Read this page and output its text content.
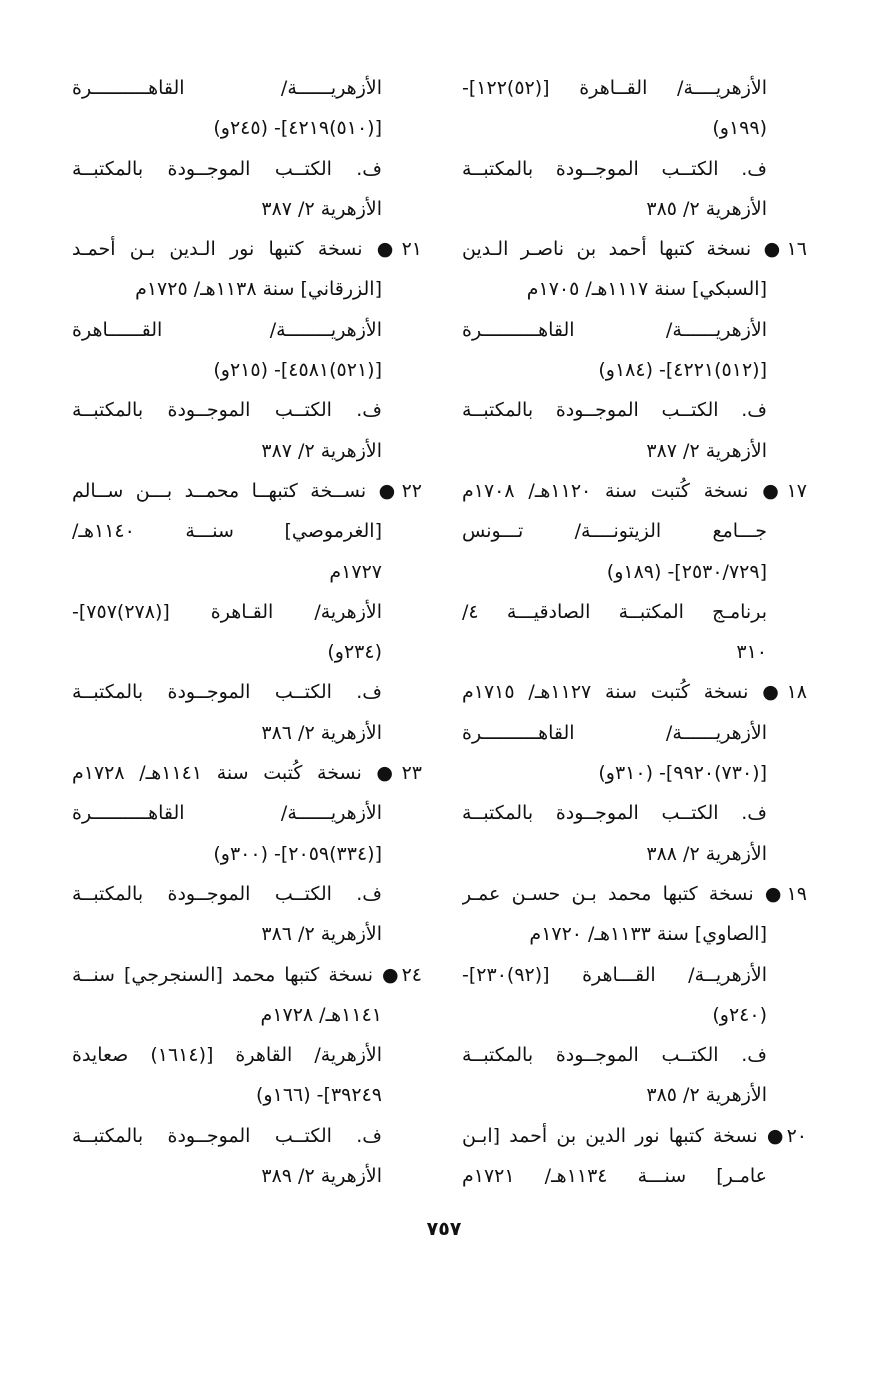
الأزهريــــة/ القــاهرة [(٥٢)١٢٢]-
(١٩٩و)
ف. الكتــب الموجــودة بالمكتبــة
الأزهرية ٢/ ٣٨٥
١٦● نسخة كتبها أحمد بن ناصـر الـدين
[السبكي] سنة ١١١٧هـ/ ١٧٠٥م
الأزهريــــــة/ القاهــــــــــرة
[(٥١٢)٤٢٢١]- (١٨٤و)
ف. الكتــب الموجــودة بالمكتبــة
الأزهرية ٢/ ٣٨٧
١٧● نسخة كُتبت سنة ١١٢٠هـ/ ١٧٠٨م
جـــامع الزيتونــــة/ تـــونس
[٢٥٣٠/٧٢٩]- (١٨٩و)
برنامـج المكتبــة الصادقيـــة ٤/
٣١٠
١٨● نسخة كُتبت سنة ١١٢٧هـ/ ١٧١٥م
الأزهريــــــة/ القاهــــــــــرة
[(٧٣٠)٩٩٢٠]- (٣١٠و)
ف. الكتــب الموجــودة بالمكتبــة
الأزهرية ٢/ ٣٨٨
١٩● نسخة كتبها محمد بـن حسـن عمـر
[الصاوي] سنة ١١٣٣هـ/ ١٧٢٠م
الأزهريــة/ القـــاهرة [(٩٢)٢٣٠]-
(٢٤٠و)
ف. الكتــب الموجــودة بالمكتبــة
الأزهرية ٢/ ٣٨٥
٢٠● نسخة كتبها نور الدين بن أحمد [ابـن
عامـر] سنـــة ١١٣٤هـ/ ١٧٢١م
الأزهريــــــة/ القاهــــــــــرة
[(٥١٠)٤٢١٩]- (٢٤٥و)
ف. الكتــب الموجــودة بالمكتبــة
الأزهرية ٢/ ٣٨٧
٢١● نسخة كتبها نور الـدين بـن أحمـد
[الزرقاني] سنة ١١٣٨هـ/ ١٧٢٥م
الأزهريــــــــة/ القــــــاهرة
[(٥٢١)٤٥٨١]- (٢١٥و)
ف. الكتــب الموجــودة بالمكتبــة
الأزهرية ٢/ ٣٨٧
٢٢● نســخة كتبهــا محمــد بـــن ســالم
[الغرموصي] سنـــة ١١٤٠هـ/
١٧٢٧م
الأزهرية/ القـاهرة [(٢٧٨)٧٥٧]-
(٢٣٤و)
ف. الكتــب الموجــودة بالمكتبــة
الأزهرية ٢/ ٣٨٦
٢٣● نسخة كُتبت سنة ١١٤١هـ/ ١٧٢٨م
الأزهريــــــة/ القاهــــــــــرة
[(٣٣٤)٢٠٥٩]- (٣٠٠و)
ف. الكتــب الموجــودة بالمكتبــة
الأزهرية ٢/ ٣٨٦
٢٤● نسخة كتبها محمد [السنجرجي] سنــة
١١٤١هـ/ ١٧٢٨م
الأزهرية/ القاهرة [(١٦١٤) صعايدة
٣٩٢٤٩]- (١٦٦و)
ف. الكتــب الموجــودة بالمكتبــة
الأزهرية ٢/ ٣٨٩
٧٥٧
